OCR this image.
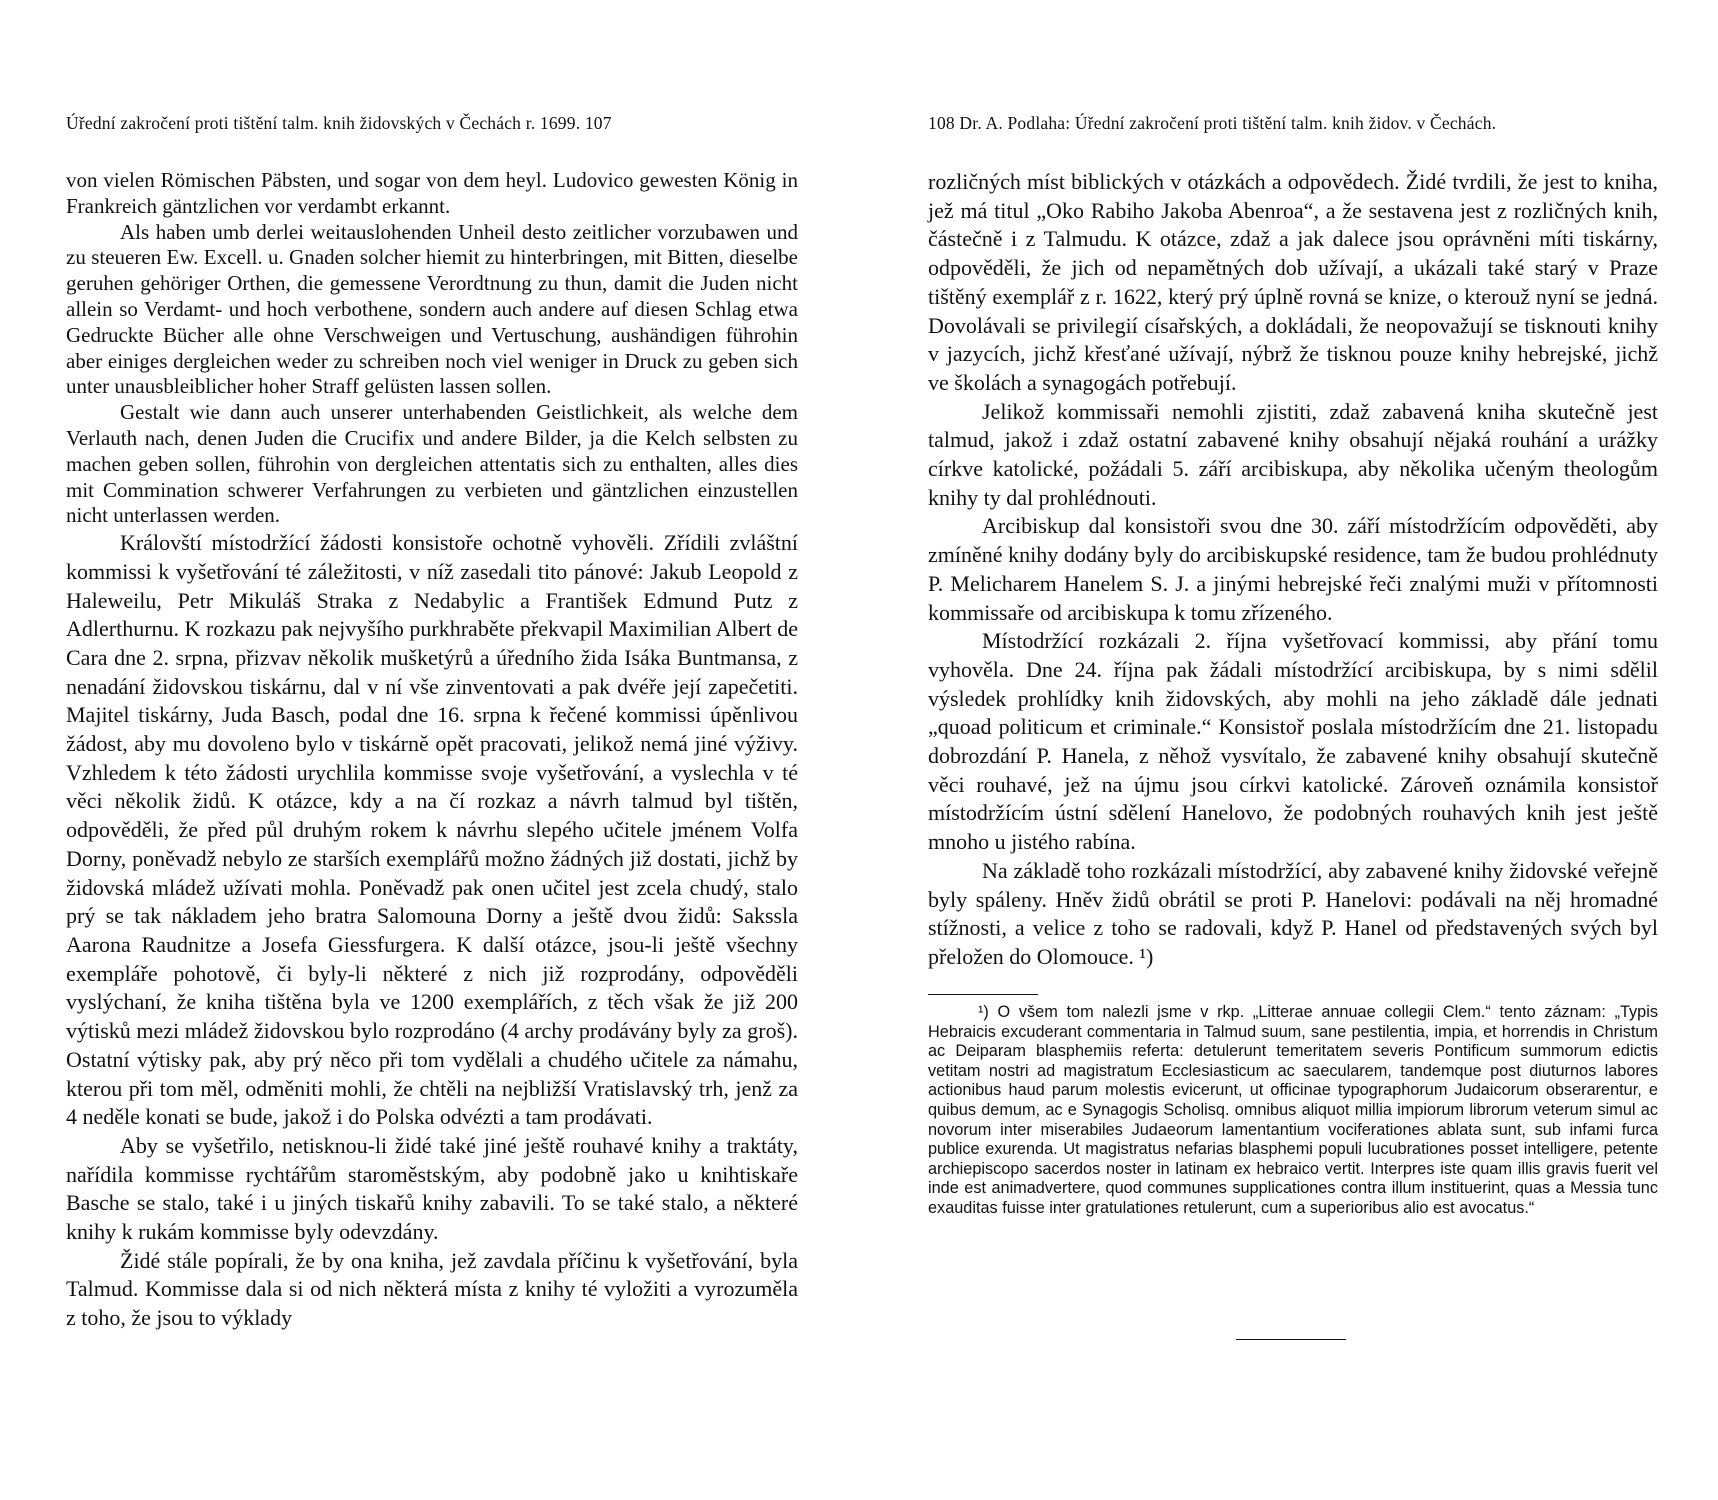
Úřední zakročení proti tištění talm. knih židovských v Čechách r. 1699. 107

von vielen Römischen Päbsten, und sogar von dem heyl. Ludovico gewesten König in Frankreich gäntzlichen vor verdambt erkannt.

Als haben umb derlei weitauslohenden Unheil desto zeitlicher vorzubawen und zu steueren Ew. Excell. u. Gnaden solcher hiemit zu hinterbringen, mit Bitten, dieselbe geruhen gehöriger Orthen, die gemessene Verordtnung zu thun, damit die Juden nicht allein so Verdamt- und hoch verbothene, sondern auch andere auf diesen Schlag etwa Gedruckte Bücher alle ohne Verschweigen und Vertuschung, aushändigen führohin aber einiges dergleichen weder zu schreiben noch viel weniger in Druck zu geben sich unter unausbleiblicher hoher Straff gelüsten lassen sollen.

Gestalt wie dann auch unserer unterhabenden Geistlichkeit, als welche dem Verlauth nach, denen Juden die Crucifix und andere Bilder, ja die Kelch selbsten zu machen geben sollen, führohin von dergleichen attentatis sich zu enthalten, alles dies mit Commination schwerer Verfahrungen zu verbieten und gäntzlichen einzustellen nicht unterlassen werden.

Královští místodržící žádosti konsistoře ochotně vyhověli. Zřídili zvláštní kommissi k vyšetřování té záležitosti, v níž zasedali tito pánové: Jakub Leopold z Haleweilu, Petr Mikuláš Straka z Nedabylic a František Edmund Putz z Adlerthurnu. K rozkazu pak nejvyšího purkhraběte překvapil Maximilian Albert de Cara dne 2. srpna, přizvav několik mušketýrů a úředního žida Isáka Buntmansa, z nenadání židovskou tiskárnu, dal v ní vše zinventovati a pak dvéře její zapečetiti. Majitel tiskárny, Juda Basch, podal dne 16. srpna k řečené kommissi úpěnlivou žádost, aby mu dovoleno bylo v tiskárně opět pracovati, jelikož nemá jiné výživy. Vzhledem k této žádosti urychlila kommisse svoje vyšetřování, a vyslechla v té věci několik židů. K otázce, kdy a na čí rozkaz a návrh talmud byl tištěn, odpověděli, že před půl druhým rokem k návrhu slepého učitele jménem Volfa Dorny, poněvadž nebylo ze starších exemplářů možno žádných již dostati, jichž by židovská mládež užívati mohla. Poněvadž pak onen učitel jest zcela chudý, stalo prý se tak nákladem jeho bratra Salomouna Dorny a ještě dvou židů: Sakssla Aarona Raudnitze a Josefa Giessfurgera. K další otázce, jsou-li ještě všechny exempláře pohotově, či byly-li některé z nich již rozprodány, odpověděli vyslýchaní, že kniha tištěna byla ve 1200 exemplářích, z těch však že již 200 výtisků mezi mládež židovskou bylo rozprodáno (4 archy prodávány byly za groš). Ostatní výtisky pak, aby prý něco při tom vydělali a chudého učitele za námahu, kterou při tom měl, odměniti mohli, že chtěli na nejbližší Vratislavský trh, jenž za 4 neděle konati se bude, jakož i do Polska odvézti a tam prodávati.

Aby se vyšetřilo, netisknou-li židé také jiné ještě rouhavé knihy a traktáty, nařídila kommisse rychtářům staroměstským, aby podobně jako u knihtiskaře Basche se stalo, také i u jiných tiskařů knihy zabavili. To se také stalo, a některé knihy k rukám kommisse byly odevzdány.

Židé stále popírali, že by ona kniha, jež zavdala příčinu k vyšetřování, byla Talmud. Kommisse dala si od nich některá místa z knihy té vyložiti a vyrozuměla z toho, že jsou to výklady

108 Dr. A. Podlaha: Úřední zakročení proti tištění talm. knih židov. v Čechách.

rozličných míst biblických v otázkách a odpovědech. Židé tvrdili, že jest to kniha, jež má titul „Oko Rabiho Jakoba Abenroa“, a že sestavena jest z rozličných knih, částečně i z Talmudu. K otázce, zdaž a jak dalece jsou oprávněni míti tiskárny, odpověděli, že jich od nepamětných dob užívají, a ukázali také starý v Praze tištěný exemplář z r. 1622, který prý úplně rovná se knize, o kterouž nyní se jedná. Dovolávali se privilegií císařských, a dokládali, že neopovažují se tisknouti knihy v jazycích, jichž křesťané užívají, nýbrž že tisknou pouze knihy hebrejské, jichž ve školách a synagogách potřebují.

Jelikož kommissaři nemohli zjistiti, zdaž zabavená kniha skutečně jest talmud, jakož i zdaž ostatní zabavené knihy obsahují nějaká rouhání a urážky církve katolické, požádali 5. září arcibiskupa, aby několika učeným theologům knihy ty dal prohlédnouti.

Arcibiskup dal konsistoři svou dne 30. září místodržícím odpověděti, aby zmíněné knihy dodány byly do arcibiskupské residence, tam že budou prohlédnuty P. Melicharem Hanelem S. J. a jinými hebrejské řeči znalými muži v přítomnosti kommissaře od arcibiskupa k tomu zřízeného.

Místodržící rozkázali 2. října vyšetřovací kommissi, aby přání tomu vyhověla. Dne 24. října pak žádali místodržící arcibiskupa, by s nimi sdělil výsledek prohlídky knih židovských, aby mohli na jeho základě dále jednati „quoad politicum et criminale.“ Konsistoř poslala místodržícím dne 21. listopadu dobrozdání P. Hanela, z něhož vysvítalo, že zabavené knihy obsahují skutečně věci rouhavé, jež na újmu jsou církvi katolické. Zároveň oznámila konsistoř místodržícím ústní sdělení Hanelovo, že podobných rouhavých knih jest ještě mnoho u jistého rabína.

Na základě toho rozkázali místodržící, aby zabavené knihy židovské veřejně byly spáleny. Hněv židů obrátil se proti P. Hanelovi: podávali na něj hromadné stížnosti, a velice z toho se radovali, když P. Hanel od představených svých byl přeložen do Olomouce. ¹)

¹) O všem tom nalezli jsme v rkp. „Litterae annuae collegii Clem.“ tento záznam: „Typis Hebraicis excuderant commentaria in Talmud suum, sane pestilentia, impia, et horrendis in Christum ac Deiparam blasphemiis referta: detulerunt temeritatem severis Pontificum summorum edictis vetitam nostri ad magistratum Ecclesiasticum ac saecularem, tandemque post diuturnos labores actionibus haud parum molestis evicerunt, ut officinae typographorum Judaicorum obserarentur, e quibus demum, ac e Synagogis Scholisq. omnibus aliquot millia impiorum librorum veterum simul ac novorum inter miserabiles Judaeorum lamentantium vociferationes ablata sunt, sub infami furca publice exurenda. Ut magistratus nefarias blasphemi populi lucubrationes posset intelligere, petente archiepiscopo sacerdos noster in latinam ex hebraico vertit. Interpres iste quam illis gravis fuerit vel inde est animadvertere, quod communes supplicationes contra illum instituerint, quas a Messia tunc exauditas fuisse inter gratulationes retulerunt, cum a superioribus alio est avocatus.“
